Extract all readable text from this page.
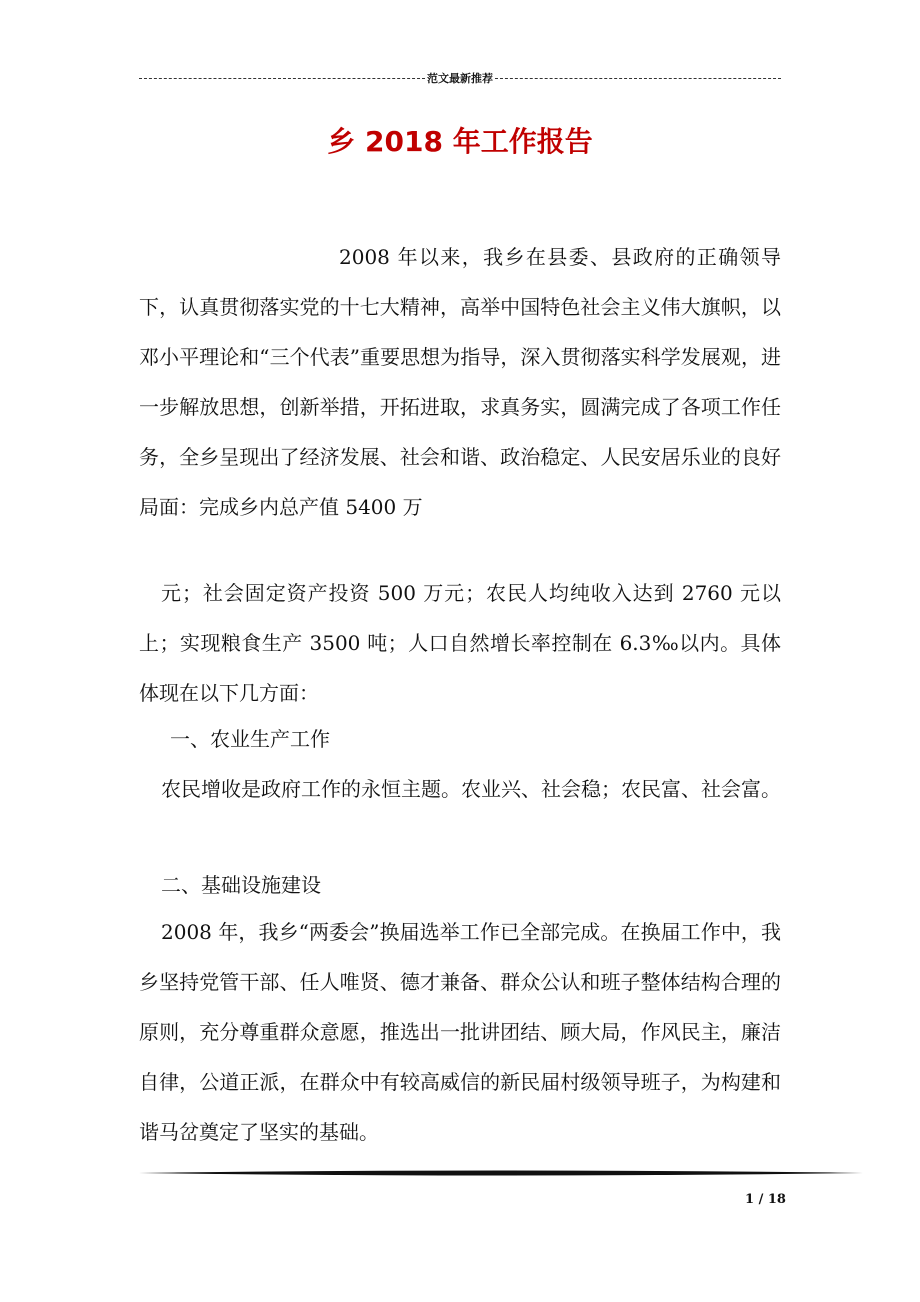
范文最新推荐
乡 2018 年工作报告
2008 年以来，我乡在县委、县政府的正确领导下，认真贯彻落实党的十七大精神，高举中国特色社会主义伟大旗帜，以邓小平理论和“三个代表”重要思想为指导，深入贯彻落实科学发展观，进一步解放思想，创新举措，开拓进取，求真务实，圆满完成了各项工作任务，全乡呈现出了经济发展、社会和谐、政治稳定、人民安居乐业的良好局面：完成乡内总产值 5400 万
元；社会固定资产投资 500 万元；农民人均纯收入达到 2760 元以上；实现粮食生产 3500 吨；人口自然增长率控制在 6.3‰以内。具体体现在以下几方面：
一、农业生产工作
农民增收是政府工作的永恒主题。农业兴、社会稳；农民富、社会富。
二、基础设施建设
2008 年，我乡“两委会”换届选举工作已全部完成。在换届工作中，我乡坚持党管干部、任人唯贤、德才兼备、群众公认和班子整体结构合理的原则，充分尊重群众意愿，推选出一批讲团结、顾大局，作风民主，廉洁自律，公道正派，在群众中有较高威信的新民届村级领导班子，为构建和谐马岔奠定了坚实的基础。
1 / 18
